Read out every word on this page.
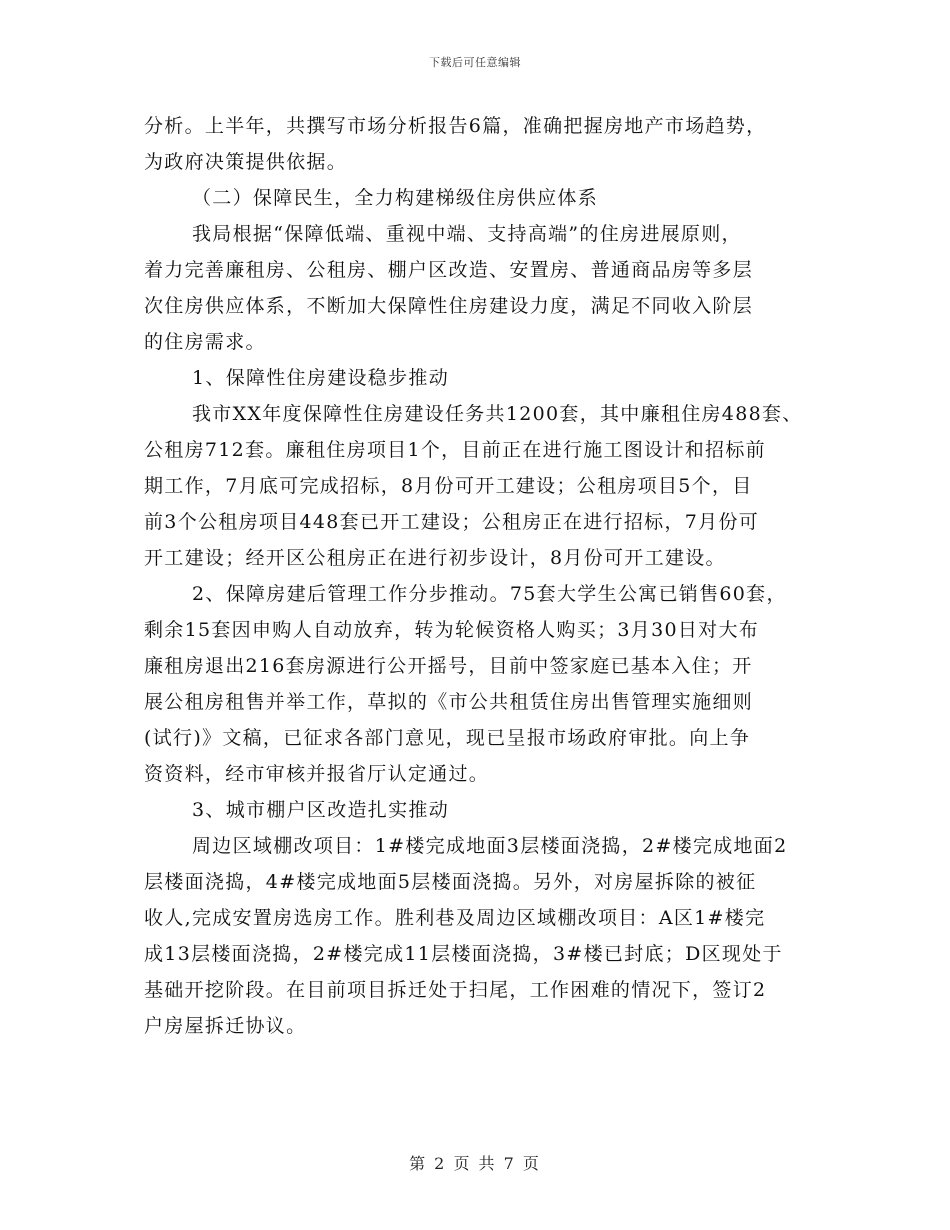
下载后可任意编辑
分析。上半年，共撰写市场分析报告6篇，准确把握房地产市场趋势，
为政府决策提供依据。
（二）保障民生，全力构建梯级住房供应体系
我局根据“保障低端、重视中端、支持高端”的住房进展原则，
着力完善廉租房、公租房、棚户区改造、安置房、普通商品房等多层
次住房供应体系，不断加大保障性住房建设力度，满足不同收入阶层
的住房需求。
1、保障性住房建设稳步推动
我市XX年度保障性住房建设任务共1200套，其中廉租住房488套、
公租房712套。廉租住房项目1个，目前正在进行施工图设计和招标前
期工作，7月底可完成招标，8月份可开工建设；公租房项目5个，目
前3个公租房项目448套已开工建设；公租房正在进行招标，7月份可
开工建设；经开区公租房正在进行初步设计，8月份可开工建设。
2、保障房建后管理工作分步推动。75套大学生公寓已销售60套，
剩余15套因申购人自动放弃，转为轮候资格人购买；3月30日对大布
廉租房退出216套房源进行公开摇号，目前中签家庭已基本入住；开
展公租房租售并举工作，草拟的《市公共租赁住房出售管理实施细则
(试行)》文稿，已征求各部门意见，现已呈报市场政府审批。向上争
资资料，经市审核并报省厅认定通过。
3、城市棚户区改造扎实推动
周边区域棚改项目：1#楼完成地面3层楼面浇捣，2#楼完成地面2
层楼面浇捣，4#楼完成地面5层楼面浇捣。另外，对房屋拆除的被征
收人,完成安置房选房工作。胜利巷及周边区域棚改项目：A区1#楼完
成13层楼面浇捣，2#楼完成11层楼面浇捣，3#楼已封底；D区现处于
基础开挖阶段。在目前项目拆迁处于扫尾，工作困难的情况下，签订2
户房屋拆迁协议。
第 2 页 共 7 页
